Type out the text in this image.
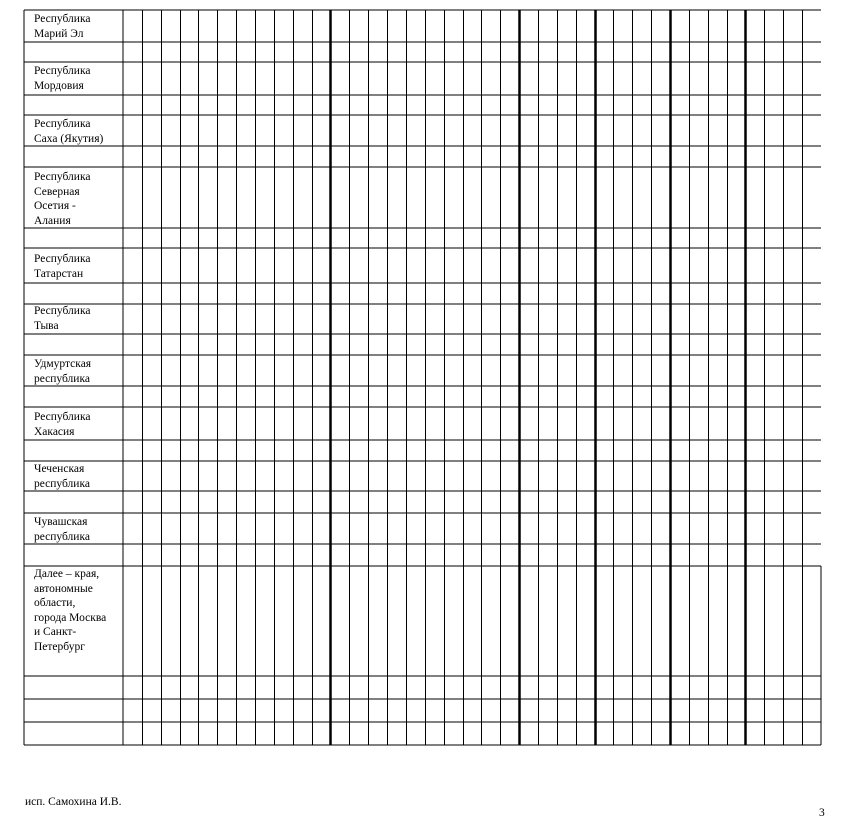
Республика
Марий Эл
Республика
Мордовия
Республика
Саха (Якутия)
Республика
Северная
Осетия -
Алания
Республика
Татарстан
Республика
Тыва
Удмуртская
республика
Республика
Хакасия
Чеченская
республика
Чувашская
республика
Далее – края,
автономные
области,
города Москва
и Санкт-
Петербург
исп. Самохина И.В.
3
